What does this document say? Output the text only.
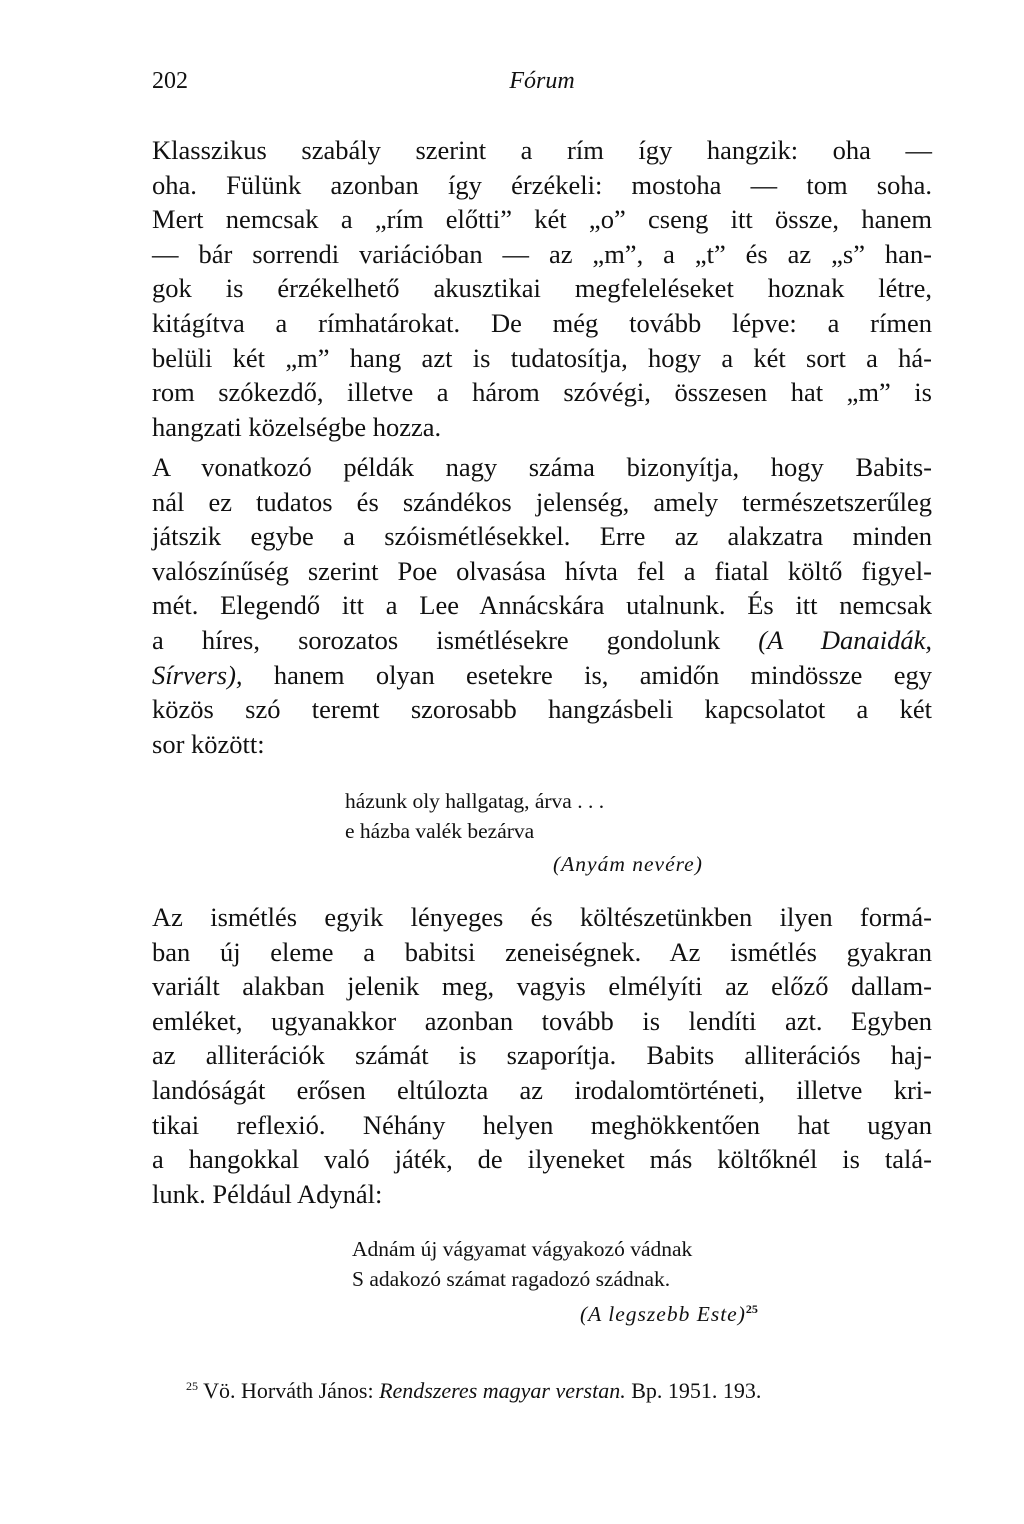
202	Fórum
Klasszikus szabály szerint a rím így hangzik: oha —
oha. Fülünk azonban így érzékeli: mostoha — tom soha.
Mert nemcsak a „rím előtti” két „o” cseng itt össze, hanem
— bár sorrendi variációban — az „m”, a „t” és az „s” han-
gok is érzékelhető akusztikai megfeleléseket hoznak létre,
kitágítva a rímhatárokat. De még tovább lépve: a rímen
belüli két „m” hang azt is tudatosítja, hogy a két sort a há-
rom szókezdő, illetve a három szóvégi, összesen hat „m” is
hangzati közelségbe hozza.
A vonatkozó példák nagy száma bizonyítja, hogy Babits-
nál ez tudatos és szándékos jelenség, amely természetszerűleg
játszik egybe a szóismétlésekkel. Erre az alakzatra minden
valószínűség szerint Poe olvasása hívta fel a fiatal költő figyel-
mét. Elegendő itt a Lee Annácskára utalnunk. És itt nemcsak
a híres, sorozatos ismétlésekre gondolunk (A Danaidák,
Sírvers), hanem olyan esetekre is, amidőn mindössze egy
közös szó teremt szorosabb hangzásbeli kapcsolatot a két
sor között:
házunk oly hallgatag, árva . . .
e házba valék bezárva
(Anyám nevére)
Az ismétlés egyik lényeges és költészetünkben ilyen formá-
ban új eleme a babitsi zeneiségnek. Az ismétlés gyakran
variált alakban jelenik meg, vagyis elmélyíti az előző dallam-
emléket, ugyanakkor azonban tovább is lendíti azt. Egyben
az alliterációk számát is szaporítja. Babits alliterációs haj-
landóságát erősen eltúlozta az irodalomtörténeti, illetve kri-
tikai reflexió. Néhány helyen meghökkentően hat ugyan
a hangokkal való játék, de ilyeneket más költőknél is talá-
lunk. Például Adynál:
Adnám új vágyamat vágyakozó vádnak
S adakozó számat ragadozó szádnak.
(A legszebb Este)$^{25}$
$^{25}$ Vö. Horváth János: Rendszeres magyar verstan. Bp. 1951. 193.
